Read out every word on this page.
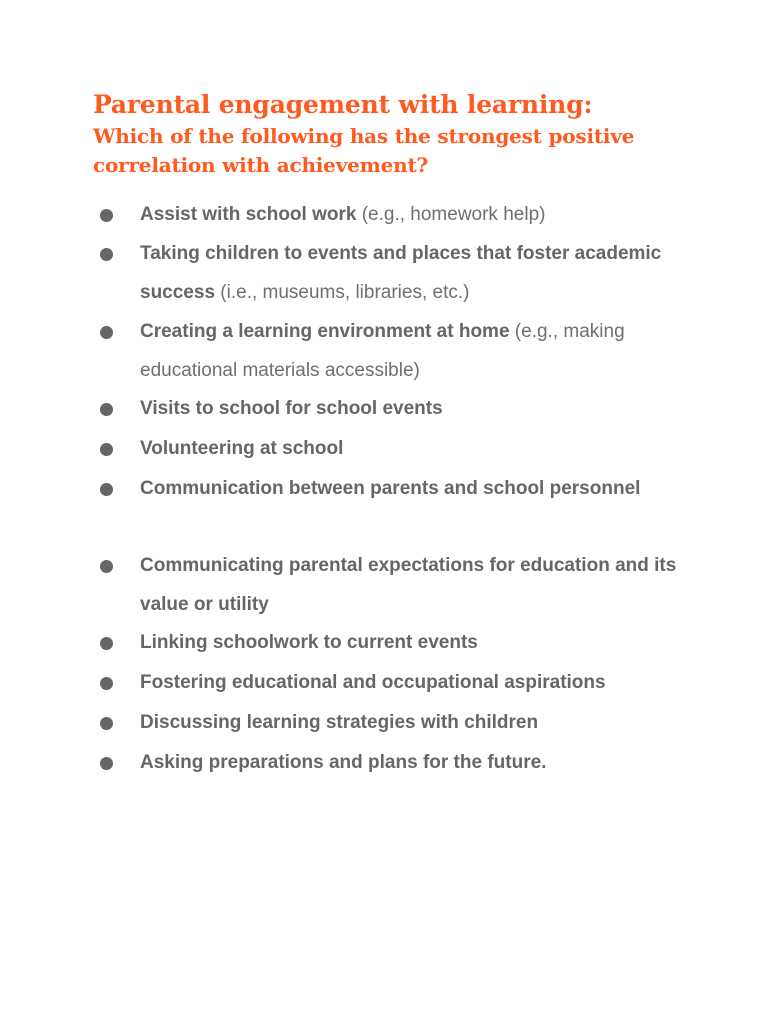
Parental engagement with learning:
Which of the following has the strongest positive correlation with achievement?
Assist with school work (e.g., homework help)
Taking children to events and places that foster academic success (i.e., museums, libraries, etc.)
Creating a learning environment at home (e.g., making educational materials accessible)
Visits to school for school events
Volunteering at school
Communication between parents and school personnel
Communicating parental expectations for education and its value or utility
Linking schoolwork to current events
Fostering educational and occupational aspirations
Discussing learning strategies with children
Asking preparations and plans for the future.
